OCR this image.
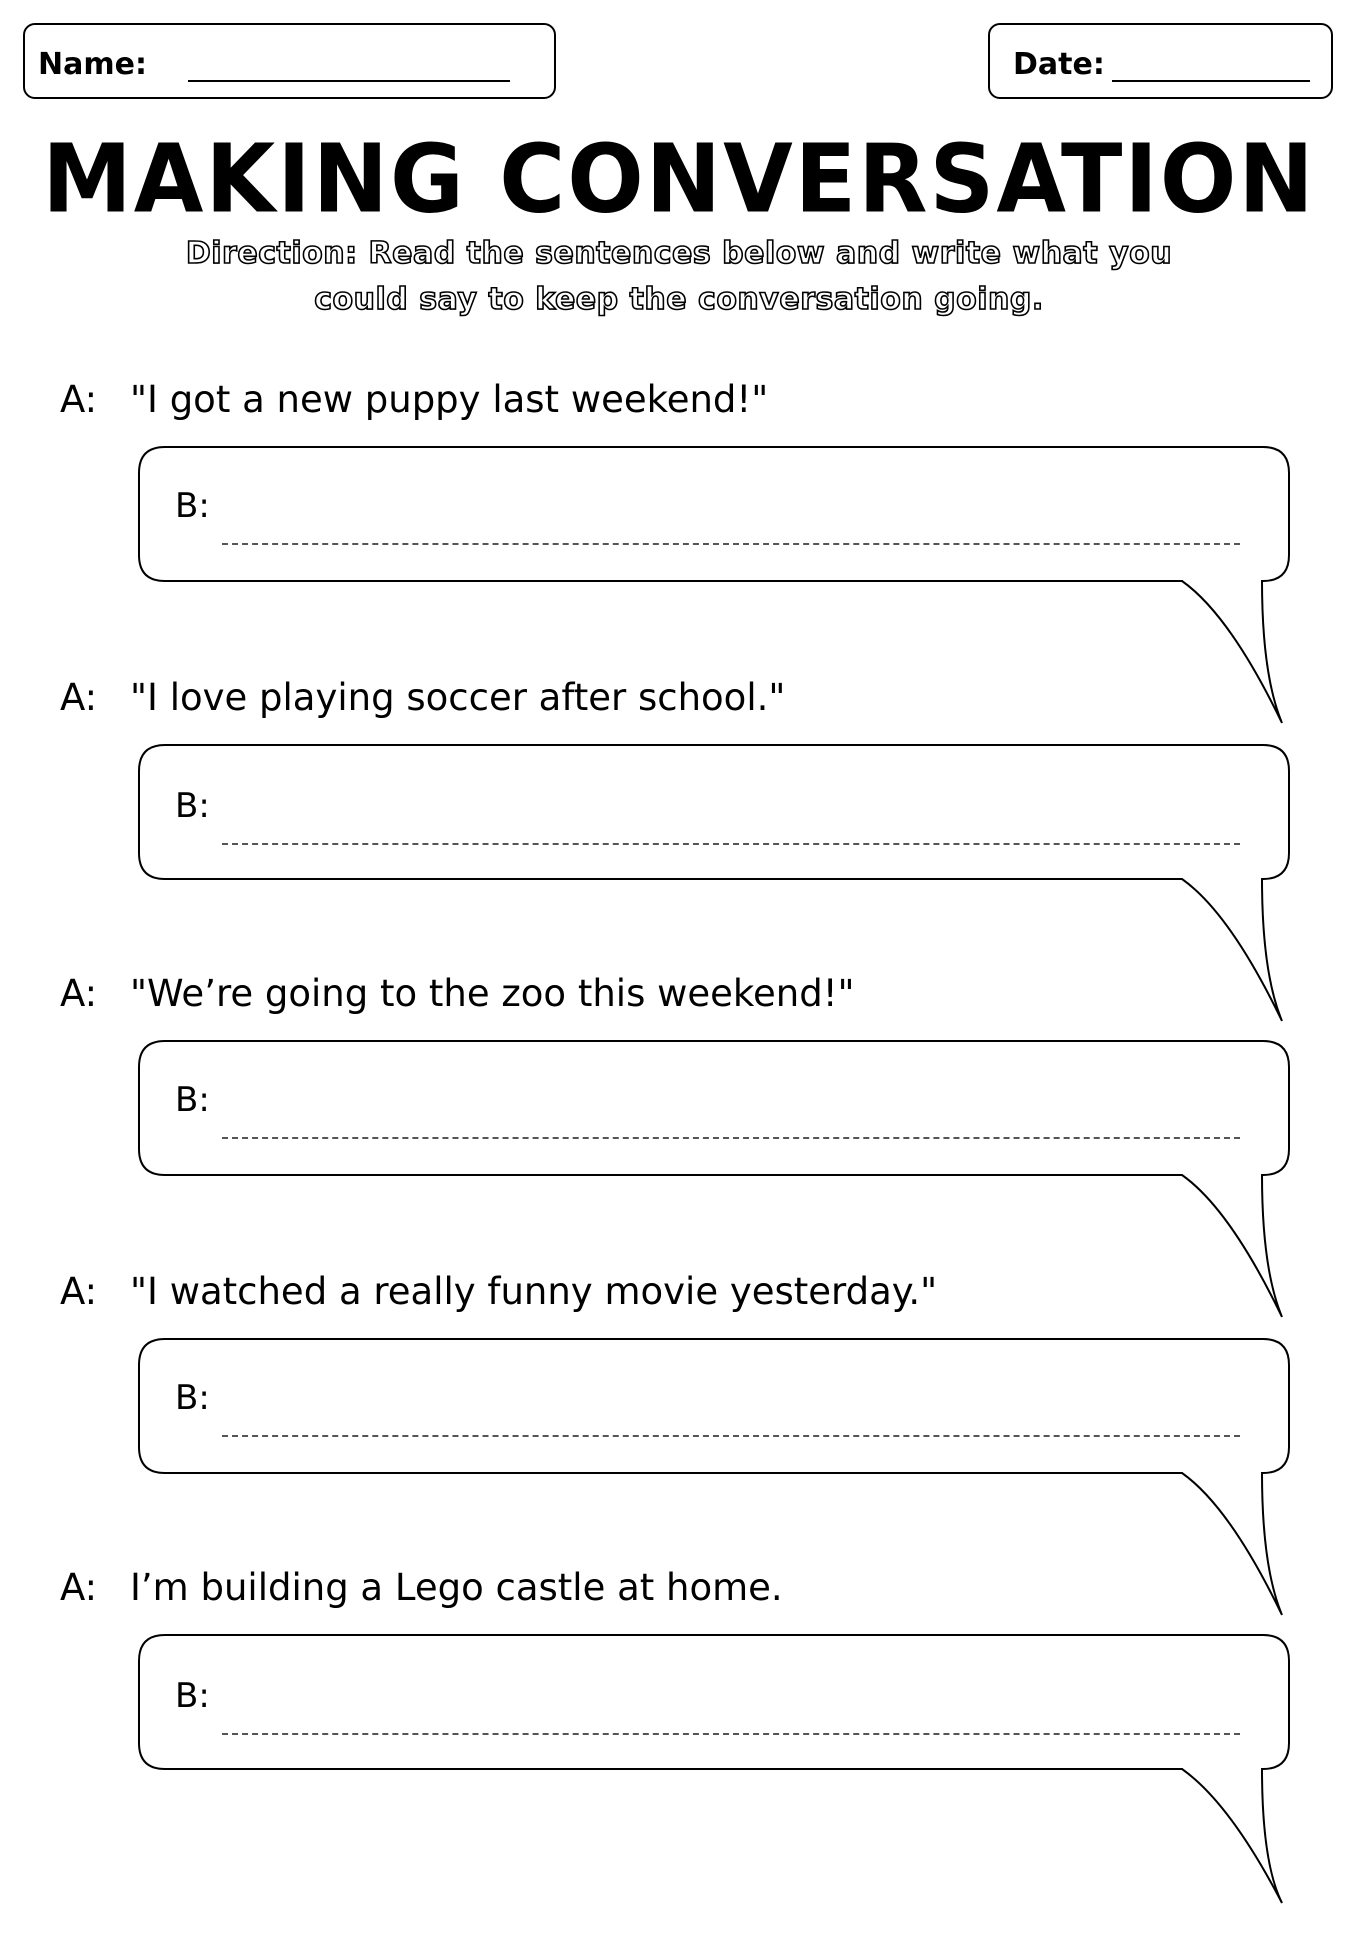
Name:	Date:
MAKING CONVERSATION
Direction: Read the sentences below and write what you
could say to keep the conversation going.
A: "I got a new puppy last weekend!"
B:
A: "I love playing soccer after school."
B:
A: "We’re going to the zoo this weekend!"
B:
A: "I watched a really funny movie yesterday."
B:
A: I’m building a Lego castle at home.
B:
